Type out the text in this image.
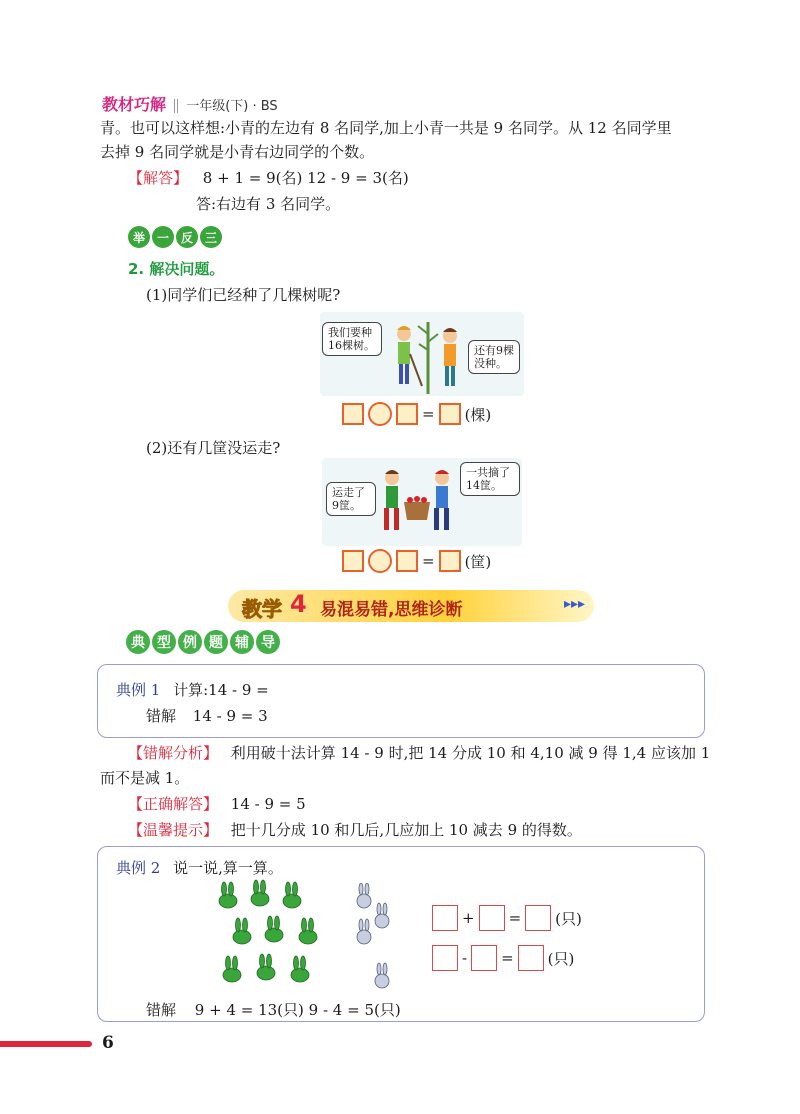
教材巧解 一年级(下) · BS
青。也可以这样想:小青的左边有 8 名同学,加上小青一共是 9 名同学。从 12 名同学里
去掉 9 名同学就是小青右边同学的个数。
【解答】 8 + 1 = 9(名) 12 - 9 = 3(名)
答:右边有 3 名同学。
举 一 反 三
2. 解决问题。
(1)同学们已经种了几棵树呢?
我们要种16棵树。	还有9棵没种。
= (棵)
(2)还有几筐没运走?
运走了9筐。
一共摘了14筐。
= (筐)
教学 4 易混易错,思维诊断	▸▸▸
典 型 例 题 辅 导
典例 1 计算:14 - 9 =
错解 14 - 9 = 3
【错解分析】 利用破十法计算 14 - 9 时,把 14 分成 10 和 4,10 减 9 得 1,4 应该加 1
而不是减 1。
【正确解答】 14 - 9 = 5
【温馨提示】 把十几分成 10 和几后,几应加上 10 减去 9 的得数。
典例 2 说一说,算一算。
+ = (只)
- = (只)
错解 9 + 4 = 13(只) 9 - 4 = 5(只)
6
